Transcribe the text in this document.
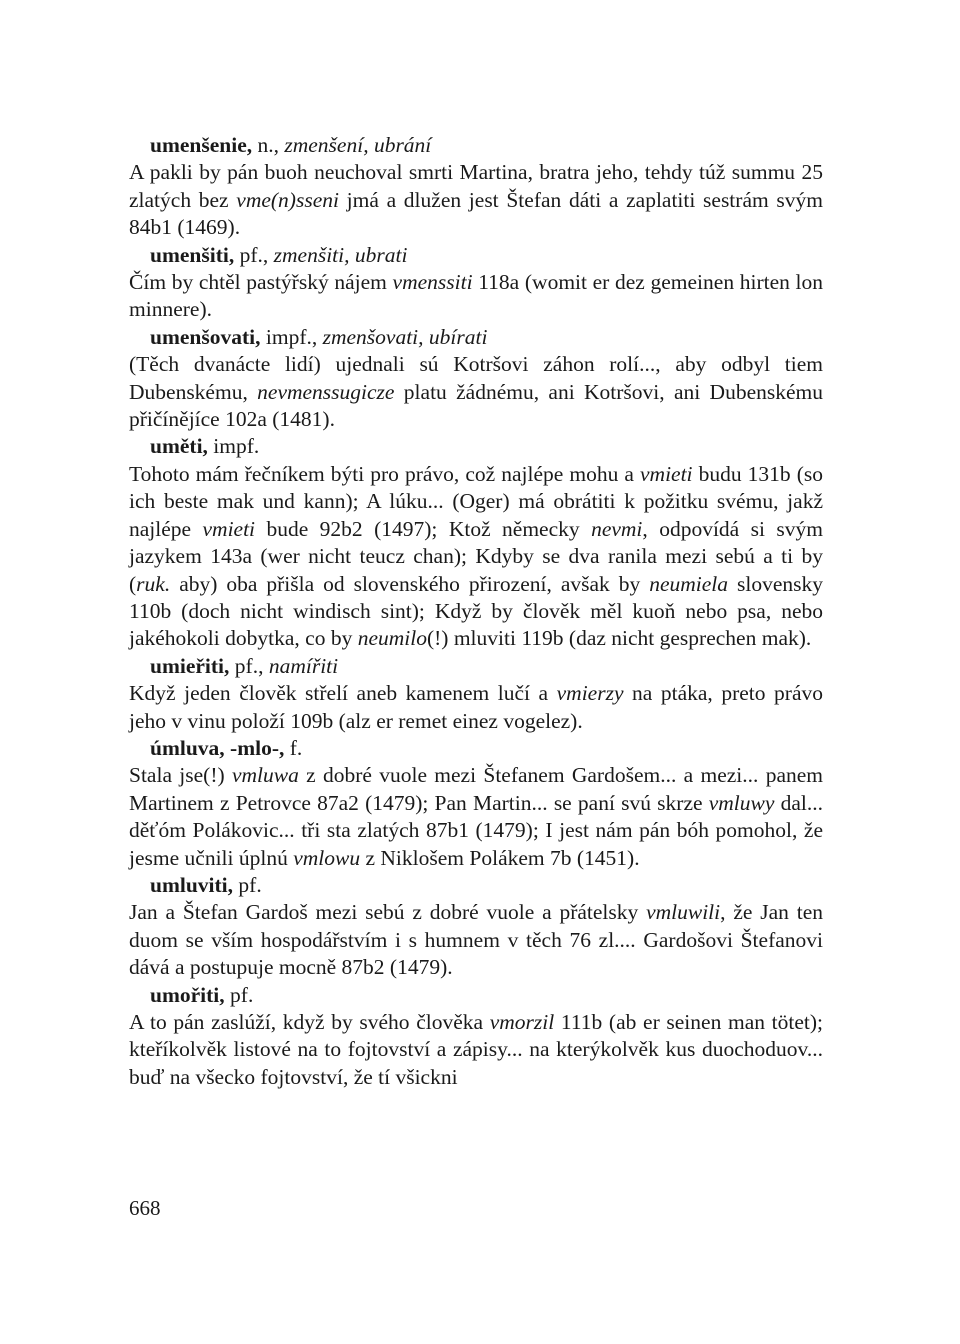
umenšenie, n., zmenšení, ubrání
A pakli by pán buoh neuchoval smrti Martina, bratra jeho, tehdy túž summu 25 zlatých bez vme(n)sseni jmá a dlužen jest Štefan dáti a zaplatiti sestrám svým 84b1 (1469).
umenšiti, pf., zmenšiti, ubrati
Čím by chtěl pastýřský nájem vmenssiti 118a (womit er dez gemeinen hirten lon minnere).
umenšovati, impf., zmenšovati, ubírati
(Těch dvanácte lidí) ujednali sú Kotršovi záhon rolí..., aby odbyl tiem Dubenskému, nevmenssugicze platu žádnému, ani Kotršovi, ani Dubenskému přičínějíce 102a (1481).
uměti, impf.
Tohoto mám řečníkem býti pro právo, což najlépe mohu a vmieti budu 131b (so ich beste mak und kann); A lúku... (Oger) má obrátiti k požitku svému, jakž najlépe vmieti bude 92b2 (1497); Ktož německy nevmi, odpovídá si svým jazykem 143a (wer nicht teucz chan); Kdyby se dva ranila mezi sebú a ti by (ruk. aby) oba přišla od slovenského přirození, avšak by neumiela slovensky 110b (doch nicht windisch sint); Když by člověk měl kuoň nebo psa, nebo jakéhokoli dobytka, co by neumilo(!) mluviti 119b (daz nicht gesprechen mak).
umieřiti, pf., namířiti
Když jeden člověk střelí aneb kamenem lučí a vmierzy na ptáka, preto právo jeho v vinu položí 109b (alz er remet einez vogelez).
úmluva, -mlo-, f.
Stala jse(!) vmluwa z dobré vuole mezi Štefanem Gardošem... a mezi... panem Martinem z Petrovce 87a2 (1479); Pan Martin... se paní svú skrze vmluwy dal... děťóm Polákovic... tři sta zlatých 87b1 (1479); I jest nám pán bóh pomohol, že jesme učnili úplnú vmlowu z Niklošem Polákem 7b (1451).
umluviti, pf.
Jan a Štefan Gardoš mezi sebú z dobré vuole a přátelsky vmluwili, že Jan ten duom se vším hospodářstvím i s humnem v těch 76 zl.... Gardošovi Štefanovi dává a postupuje mocně 87b2 (1479).
umořiti, pf.
A to pán zaslúží, když by svého člověka vmorzil 111b (ab er seinen man tötet); kteříkolvěk listové na to fojtovství a zápisy... na kterýkolvěk kus duochoduov... buď na všecko fojtovství, že tí všickni
668
